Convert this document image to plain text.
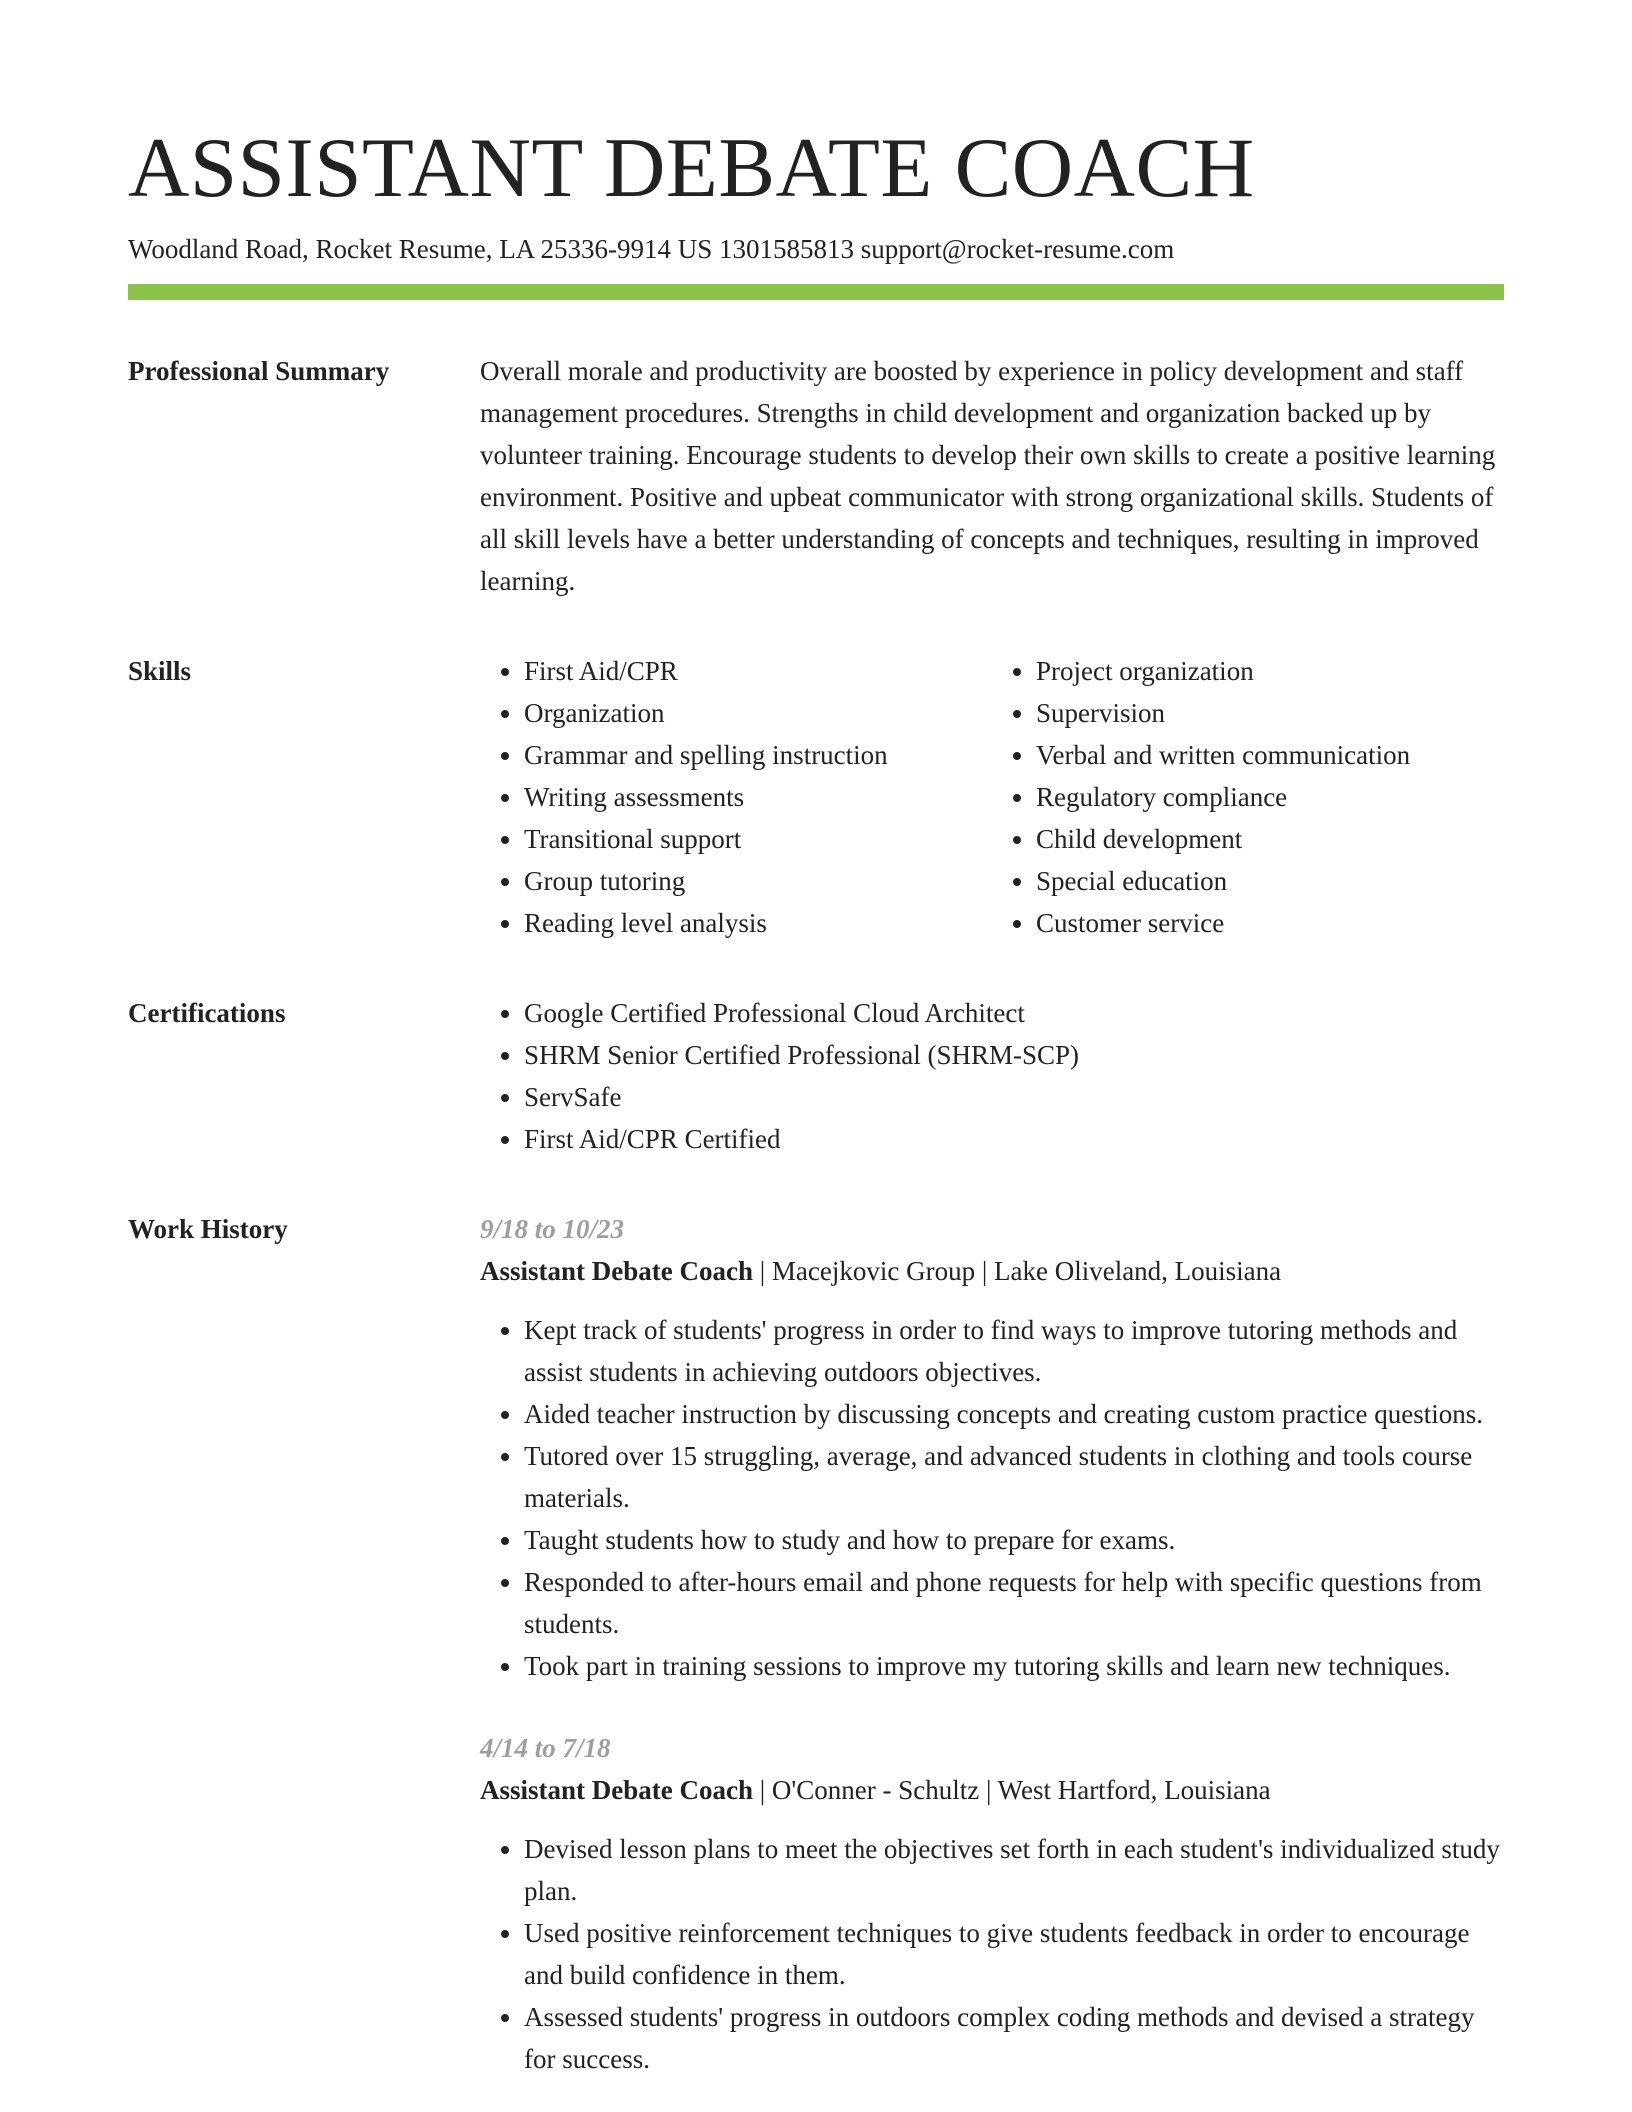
ASSISTANT DEBATE COACH
Woodland Road, Rocket Resume, LA 25336-9914 US 1301585813 support@rocket-resume.com
Professional Summary	Overall morale and productivity are boosted by experience in policy development and staff management procedures. Strengths in child development and organization backed up by volunteer training. Encourage students to develop their own skills to create a positive learning environment. Positive and upbeat communicator with strong organizational skills. Students of all skill levels have a better understanding of concepts and techniques, resulting in improved learning.

Skills	• First Aid/CPR
• Organization
• Grammar and spelling instruction
• Writing assessments
• Transitional support
• Group tutoring
• Reading level analysis
• Project organization
• Supervision
• Verbal and written communication
• Regulatory compliance
• Child development
• Special education
• Customer service
Certifications	• Google Certified Professional Cloud Architect
• SHRM Senior Certified Professional (SHRM-SCP)
• ServSafe
• First Aid/CPR Certified
Work History	9/18 to 10/23
Assistant Debate Coach | Macejkovic Group | Lake Oliveland, Louisiana
• Kept track of students' progress in order to find ways to improve tutoring methods and assist students in achieving outdoors objectives.
• Aided teacher instruction by discussing concepts and creating custom practice questions.
• Tutored over 15 struggling, average, and advanced students in clothing and tools course materials.
• Taught students how to study and how to prepare for exams.
• Responded to after-hours email and phone requests for help with specific questions from students.
• Took part in training sessions to improve my tutoring skills and learn new techniques.
4/14 to 7/18
Assistant Debate Coach | O'Conner - Schultz | West Hartford, Louisiana
• Devised lesson plans to meet the objectives set forth in each student's individualized study plan.
• Used positive reinforcement techniques to give students feedback in order to encourage and build confidence in them.
• Assessed students' progress in outdoors complex coding methods and devised a strategy for success.
